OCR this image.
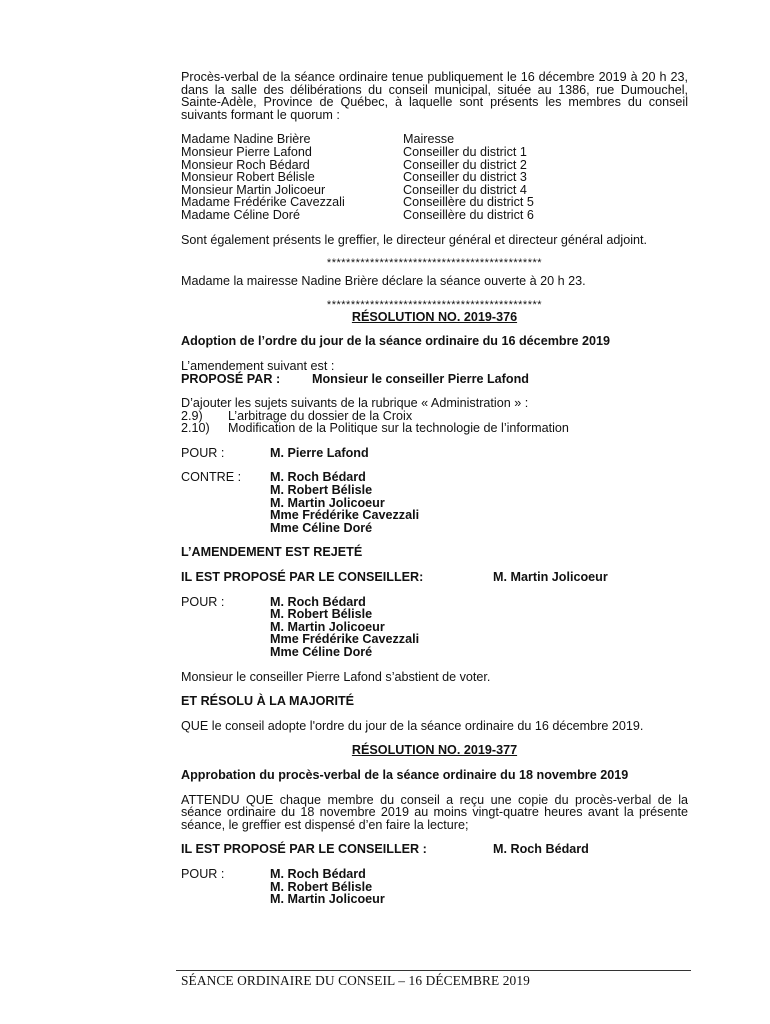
Procès-verbal de la séance ordinaire tenue publiquement le 16 décembre 2019 à 20 h 23, dans la salle des délibérations du conseil municipal, située au 1386, rue Dumouchel, Sainte-Adèle, Province de Québec, à laquelle sont présents les membres du conseil suivants formant le quorum :

Madame Nadine Brière	Mairesse
Monsieur Pierre Lafond	Conseiller du district 1
Monsieur Roch Bédard	Conseiller du district 2
Monsieur Robert Bélisle	Conseiller du district 3
Monsieur Martin Jolicoeur	Conseiller du district 4
Madame Frédérike Cavezzali	Conseillère du district 5
Madame Céline Doré	Conseillère du district 6

Sont également présents le greffier, le directeur général et directeur général adjoint.

*********************************************

Madame la mairesse Nadine Brière déclare la séance ouverte à 20 h 23.

*********************************************

RÉSOLUTION NO. 2019-376

Adoption de l’ordre du jour de la séance ordinaire du 16 décembre 2019

L’amendement suivant est :

PROPOSÉ PAR :	Monsieur le conseiller Pierre Lafond

D’ajouter les sujets suivants de la rubrique « Administration » :

2.9)	L’arbitrage du dossier de la Croix
2.10)	Modification de la Politique sur la technologie de l’information
POUR :	M. Pierre Lafond
CONTRE :	M. Roch Bédard
M. Robert Bélisle
M. Martin Jolicoeur
Mme Frédérike Cavezzali
Mme Céline Doré

L’AMENDEMENT EST REJETÉ

IL EST PROPOSÉ PAR LE CONSEILLER:	M. Martin Jolicoeur
POUR :	M. Roch Bédard
M. Robert Bélisle
M. Martin Jolicoeur
Mme Frédérike Cavezzali
Mme Céline Doré

Monsieur le conseiller Pierre Lafond s’abstient de voter.

ET RÉSOLU À LA MAJORITÉ

QUE le conseil adopte l'ordre du jour de la séance ordinaire du 16 décembre 2019.

RÉSOLUTION NO. 2019-377

Approbation du procès-verbal de la séance ordinaire du 18 novembre 2019

ATTENDU QUE chaque membre du conseil a reçu une copie du procès-verbal de la séance ordinaire du 18 novembre 2019 au moins vingt-quatre heures avant la présente séance, le greffier est dispensé d’en faire la lecture;

IL EST PROPOSÉ PAR LE CONSEILLER :	M. Roch Bédard
POUR :	M. Roch Bédard
M. Robert Bélisle
M. Martin Jolicoeur
SÉANCE ORDINAIRE DU CONSEIL – 16 DÉCEMBRE 2019
